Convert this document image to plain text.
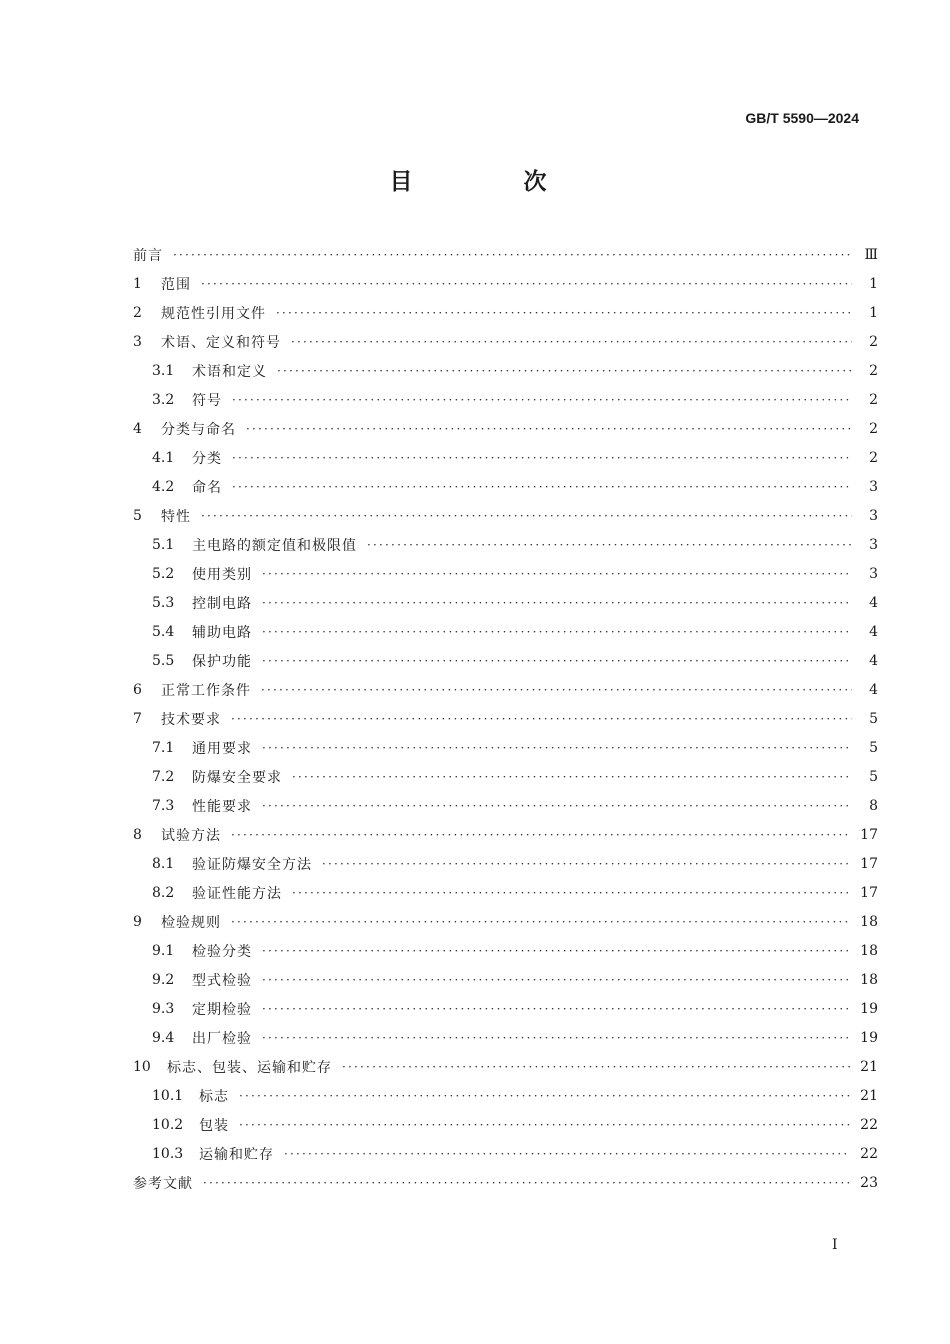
GB/T 5590—2024
目　次
前言 ·····	Ⅲ
1	范围 ·····	1
2	规范性引用文件 ·····	1
3	术语、定义和符号 ·····	2
3.1	术语和定义 ·····	2
3.2	符号 ·····	2
4	分类与命名 ·····	2
4.1	分类 ·····	2
4.2	命名 ·····	3
5	特性 ·····	3
5.1	主电路的额定值和极限值 ·····	3
5.2	使用类别 ·····	3
5.3	控制电路 ·····	4
5.4	辅助电路 ·····	4
5.5	保护功能 ·····	4
6	正常工作条件 ·····	4
7	技术要求 ·····	5
7.1	通用要求 ·····	5
7.2	防爆安全要求 ·····	5
7.3	性能要求 ·····	8
8	试验方法 ·····	17
8.1	验证防爆安全方法 ·····	17
8.2	验证性能方法 ·····	17
9	检验规则 ·····	18
9.1	检验分类 ·····	18
9.2	型式检验 ·····	18
9.3	定期检验 ·····	19
9.4	出厂检验 ·····	19
10	标志、包装、运输和贮存 ·····	21
10.1	标志 ·····	21
10.2	包装 ·····	22
10.3	运输和贮存 ·····	22
参考文献 ·····	23
I
